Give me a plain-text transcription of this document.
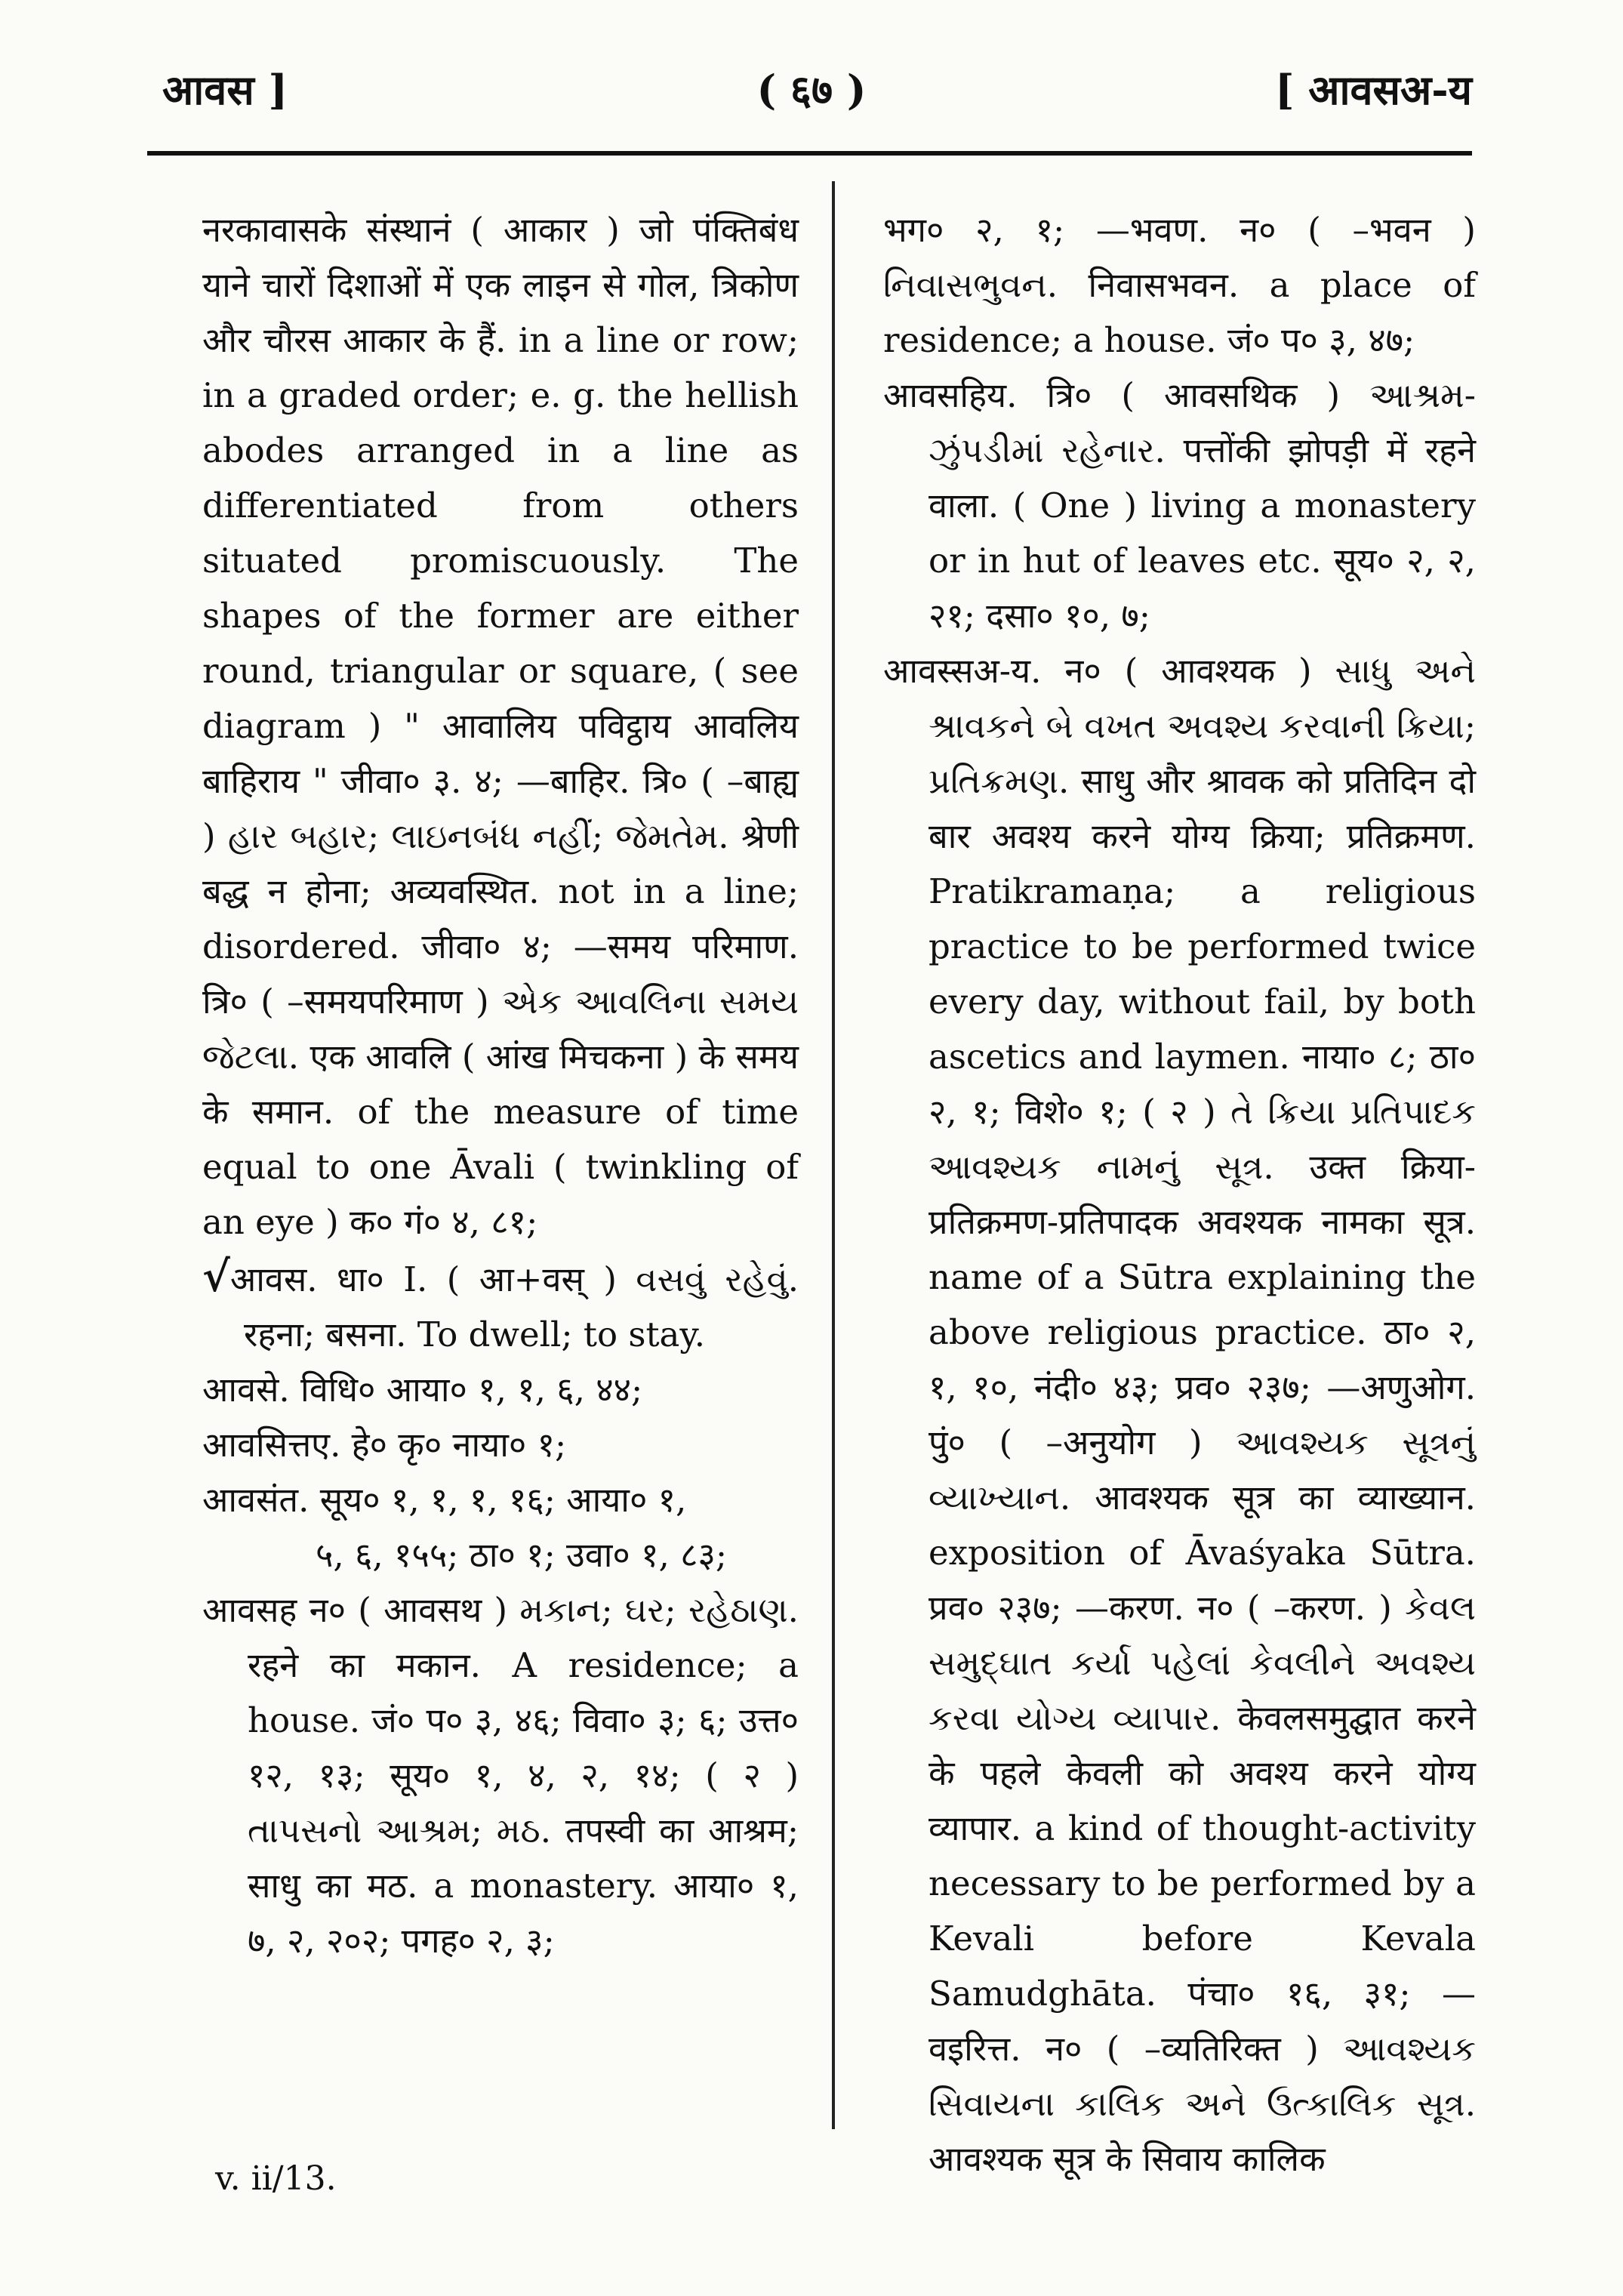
आवस ]	( ६७ )	[ आवसअ-य

नरकावासके संस्थानं ( आकार ) जो पंक्तिबंध याने चारों दिशाओं में एक लाइन से गोल, त्रिकोण और चौरस आकार के हैं. in a line or row; in a graded order; e. g. the hellish abodes arranged in a line as differentiated from others situated promiscuously. The shapes of the former are either round, triangular or square, ( see diagram ) " आवालिय पविट्ठाय आवलिय बाहिराय " जीवा० ३. ४; —बाहिर. त्रि० ( –बाह्य ) હાર બહાર; લાઇનબંધ નહીં; જેમતેમ. श्रेणी बद्ध न होना; अव्यवस्थित. not in a line; disordered. जीवा० ४; —समय परिमाण. त्रि० ( –समयपरिमाण ) એક આવલિના સમય જેટલા. एक आवलि ( आंख मिचकना ) के समय के समान. of the measure of time equal to one Āvali ( twinkling of an eye ) क० गं० ४, ८१;

√आवस. धा० I. ( आ+वस् ) વસવું રહેવું. रहना; बसना. To dwell; to stay.

आवसे. विधि० आया० १, १, ६, ४४;

आवसित्तए. हे० कृ० नाया० १;

आवसंत. सूय० १, १, १, १६; आया० १,

५, ६, १५५; ठा० १; उवा० १, ८३;

आवसह न० ( आवसथ ) મકાન; ઘર; રહેઠાણ. रहने का मकान. A residence; a house. जं० प० ३, ४६; विवा० ३; ६; उत्त० १२, १३; सूय० १, ४, २, १४; ( २ ) તાપસનો આશ્રમ; મઠ. तपस्वी का आश्रम; साधु का मठ. a monastery. आया० १, ७, २, २०२; पगह० २, ३;

भग० २, १; —भवण. न० ( –भवन ) નિવાસભુવન. निवासभवन. a place of residence; a house. जं० प० ३, ४७;

आवसहिय. त्रि० ( आवसथिक ) આશ્રમ-ઝુંપડીમાં રહેનાર. पत्तोंकी झोपड़ी में रहने वाला. ( One ) living a monastery or in hut of leaves etc. सूय० २, २, २१; दसा० १०, ७;

आवस्सअ-य. न० ( आवश्यक ) સાધુ અને શ્રાવકને બે વખત અવશ્ય કરવાની ક્રિયા; પ્રતિક્રમણ. साधु और श्रावक को प्रतिदिन दो बार अवश्य करने योग्य क्रिया; प्रतिक्रमण. Pratikramaṇa; a religious practice to be performed twice every day, without fail, by both ascetics and laymen. नाया० ८; ठा० २, १; विशे० १; ( २ ) તે ક્રિયા પ્રતિપાદક આવશ્યક નામનું સૂત્ર. उक्त क्रिया-प्रतिक्रमण-प्रतिपादक अवश्यक नामका सूत्र. name of a Sūtra explaining the above religious practice. ठा० २, १, १०, नंदी० ४३; प्रव० २३७; —अणुओग. पुं० ( –अनुयोग ) આવશ્યક સૂત્રનું વ્યાખ્યાન. आवश्यक सूत्र का व्याख्यान. exposition of Āvaśyaka Sūtra. प्रव० २३७; —करण. न० ( –करण. ) કેવલ સમુદ્ઘાત કર્યા પહેલાં કેવલીને અવશ્ય કરવા યોગ્ય વ્યાપાર. केवलसमुद्घात करने के पहले केवली को अवश्य करने योग्य व्यापार. a kind of thought-activity necessary to be performed by a Kevali before Kevala Samudghāta. पंचा० १६, ३१; —वइरित्त. न० ( –व्यतिरिक्त ) આવશ્યક સિવાયના કાલિક અને ઉત્કાલિક સૂત્ર. आवश्यक सूत्र के सिवाय कालिक

v. ii/13.
